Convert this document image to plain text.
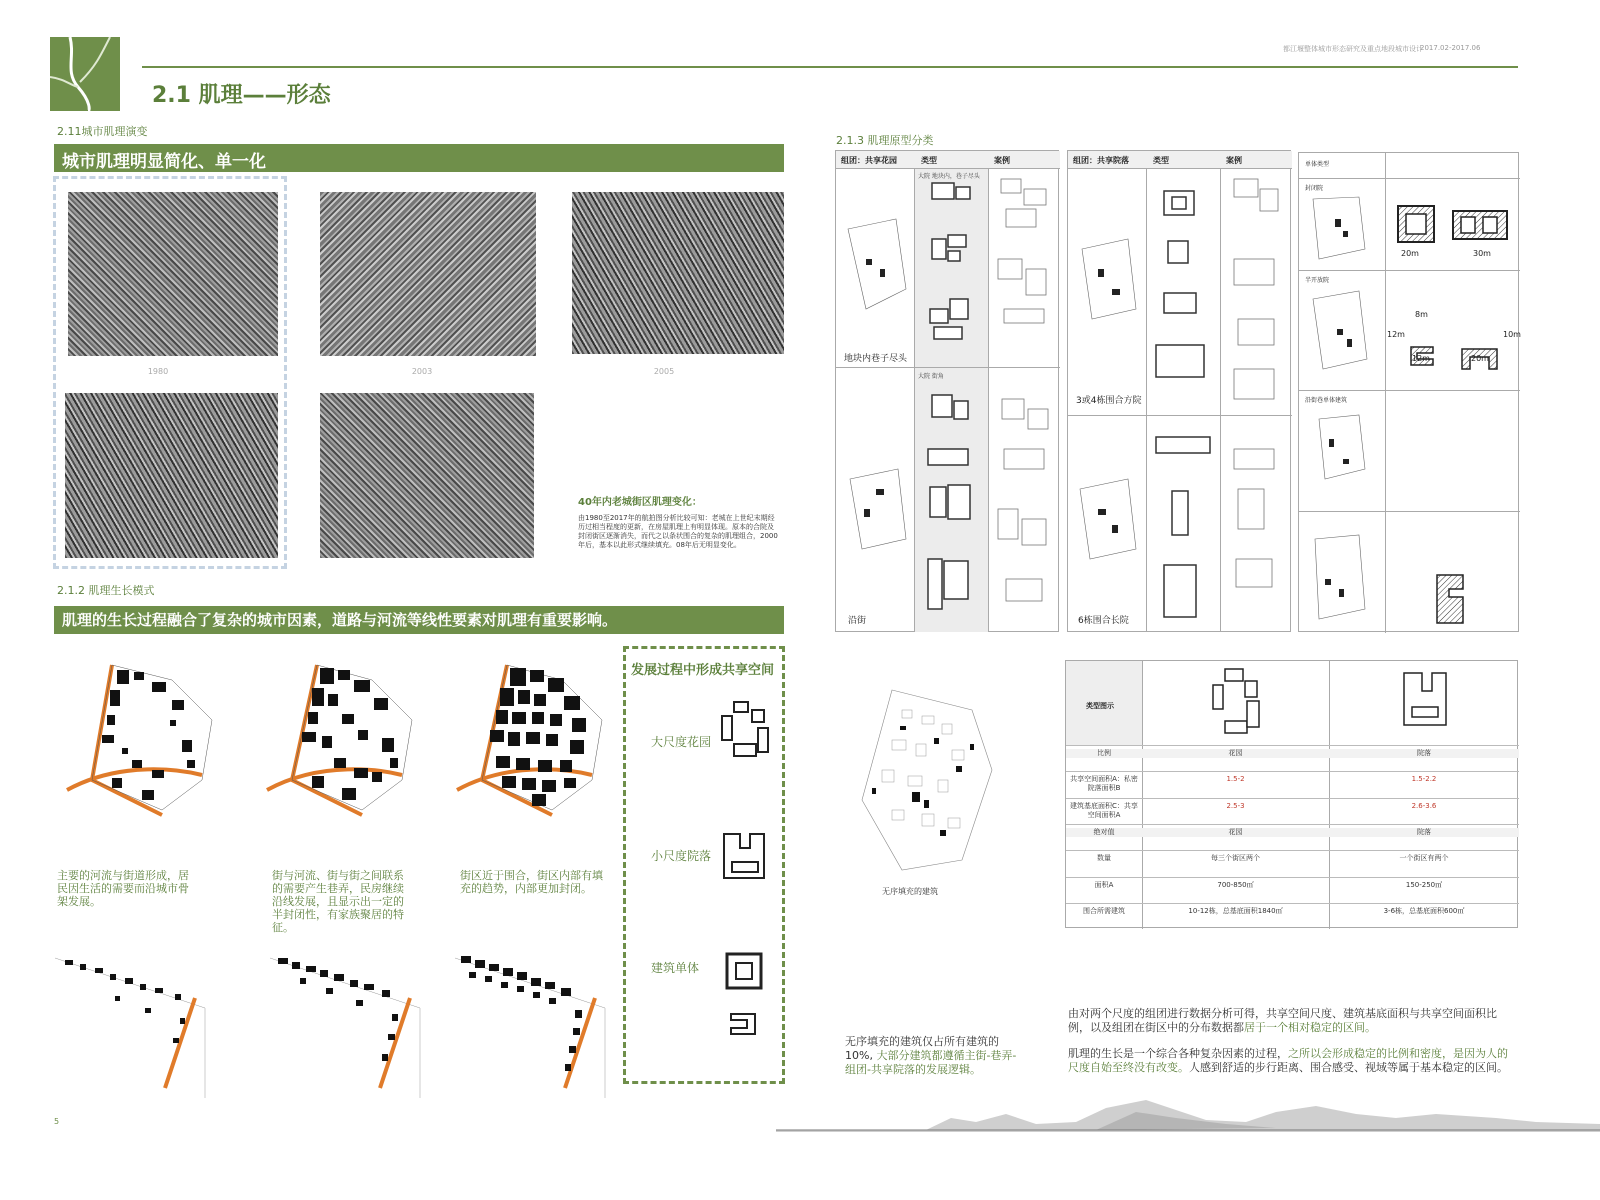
2.1 肌理——形态
都江堰整体城市形态研究及重点地段城市设计
2017.02-2017.06
2.11城市肌理演变
城市肌理明显简化、单一化
1980	2003	2005
40年内老城街区肌理变化：
由1980至2017年的航拍图分析比较可知：老城在上世纪末期经历过相当程度的更新，在房屋肌理上有明显体现。原本的合院及封闭街区逐渐消失，而代之以条状围合的复杂的肌理组合，2000年后，基本以此形式继续填充。08年后无明显变化。
2.1.2 肌理生长模式
肌理的生长过程融合了复杂的城市因素，道路与河流等线性要素对肌理有重要影响。
主要的河流与街道形成，居民因生活的需要而沿城市骨架发展。
街与河流、街与街之间联系的需要产生巷弄，民房继续沿线发展，且显示出一定的半封闭性，有家族聚居的特征。
街区近于围合，街区内部有填充的趋势，内部更加封闭。
发展过程中形成共享空间
大尺度花园
小尺度院落
建筑单体
2.1.3 肌理原型分类
组团：共享花园	类型	案例
大院 地块内，巷子尽头
大院 街角
地块内巷子尽头
沿街
组团：共享院落	类型	案例
3或4栋围合方院
6栋围合长院
单体类型
封闭院
半开放院
沿街巷单体建筑
20m	30m
8m
12m
12m	20m
10m
无序填充的建筑
类型图示
比例	花园	院落
共享空间面积A：私密院落面积B
1.5-2	1.5-2.2
建筑基底面积C：共享空间面积A
2.5-3	2.6-3.6
绝对值	花园	院落
数量	每三个街区两个	一个街区有两个
面积A	700-850㎡	150-250㎡
围合所需建筑	10-12栋，总基底面积1840㎡	3-6栋，总基底面积600㎡
无序填充的建筑仅占所有建筑的10%, 大部分建筑都遵循主街-巷弄-组团-共享院落的发展逻辑。
由对两个尺度的组团进行数据分析可得，共享空间尺度、建筑基底面积与共享空间面积比例，以及组团在街区中的分布数据都居于一个相对稳定的区间。
肌理的生长是一个综合各种复杂因素的过程，之所以会形成稳定的比例和密度，是因为人的尺度自始至终没有改变。人感到舒适的步行距离、围合感受、视域等属于基本稳定的区间。
5
